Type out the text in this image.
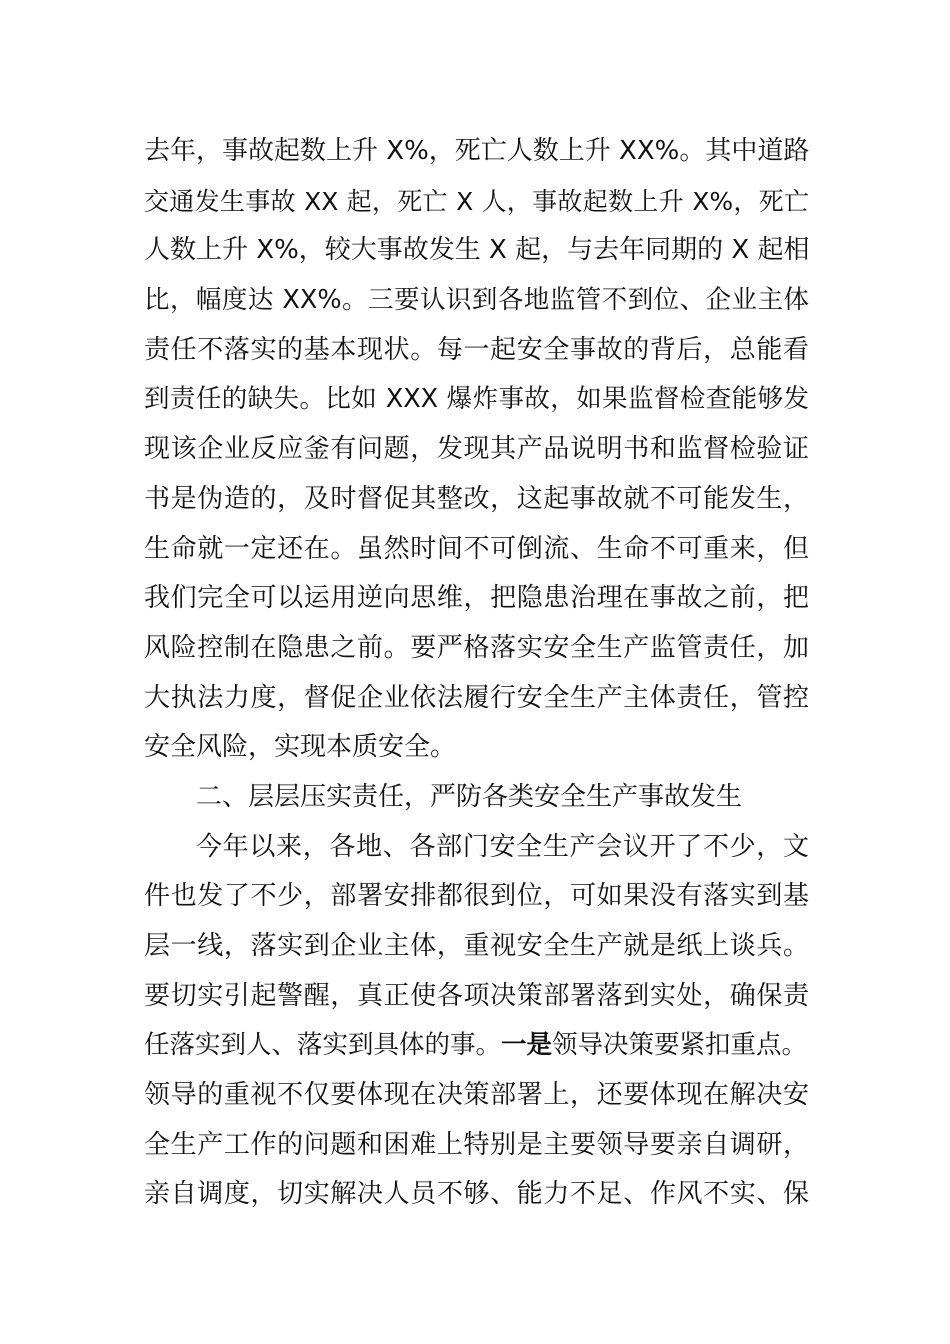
去年，事故起数上升 X%，死亡人数上升 XX%。其中道路
交通发生事故 XX 起，死亡 X 人，事故起数上升 X%，死亡
人数上升 X%，较大事故发生 X 起，与去年同期的 X 起相
比，幅度达 XX%。三要认识到各地监管不到位、企业主体
责任不落实的基本现状。每一起安全事故的背后，总能看
到责任的缺失。比如 XXX 爆炸事故，如果监督检查能够发
现该企业反应釜有问题，发现其产品说明书和监督检验证
书是伪造的，及时督促其整改，这起事故就不可能发生，
生命就一定还在。虽然时间不可倒流、生命不可重来，但
我们完全可以运用逆向思维，把隐患治理在事故之前，把
风险控制在隐患之前。要严格落实安全生产监管责任，加
大执法力度，督促企业依法履行安全生产主体责任，管控
安全风险，实现本质安全。
二、层层压实责任，严防各类安全生产事故发生
今年以来，各地、各部门安全生产会议开了不少，文
件也发了不少，部署安排都很到位，可如果没有落实到基
层一线，落实到企业主体，重视安全生产就是纸上谈兵。
要切实引起警醒，真正使各项决策部署落到实处，确保责
任落实到人、落实到具体的事。一是领导决策要紧扣重点。
领导的重视不仅要体现在决策部署上，还要体现在解决安
全生产工作的问题和困难上特别是主要领导要亲自调研，
亲自调度，切实解决人员不够、能力不足、作风不实、保
